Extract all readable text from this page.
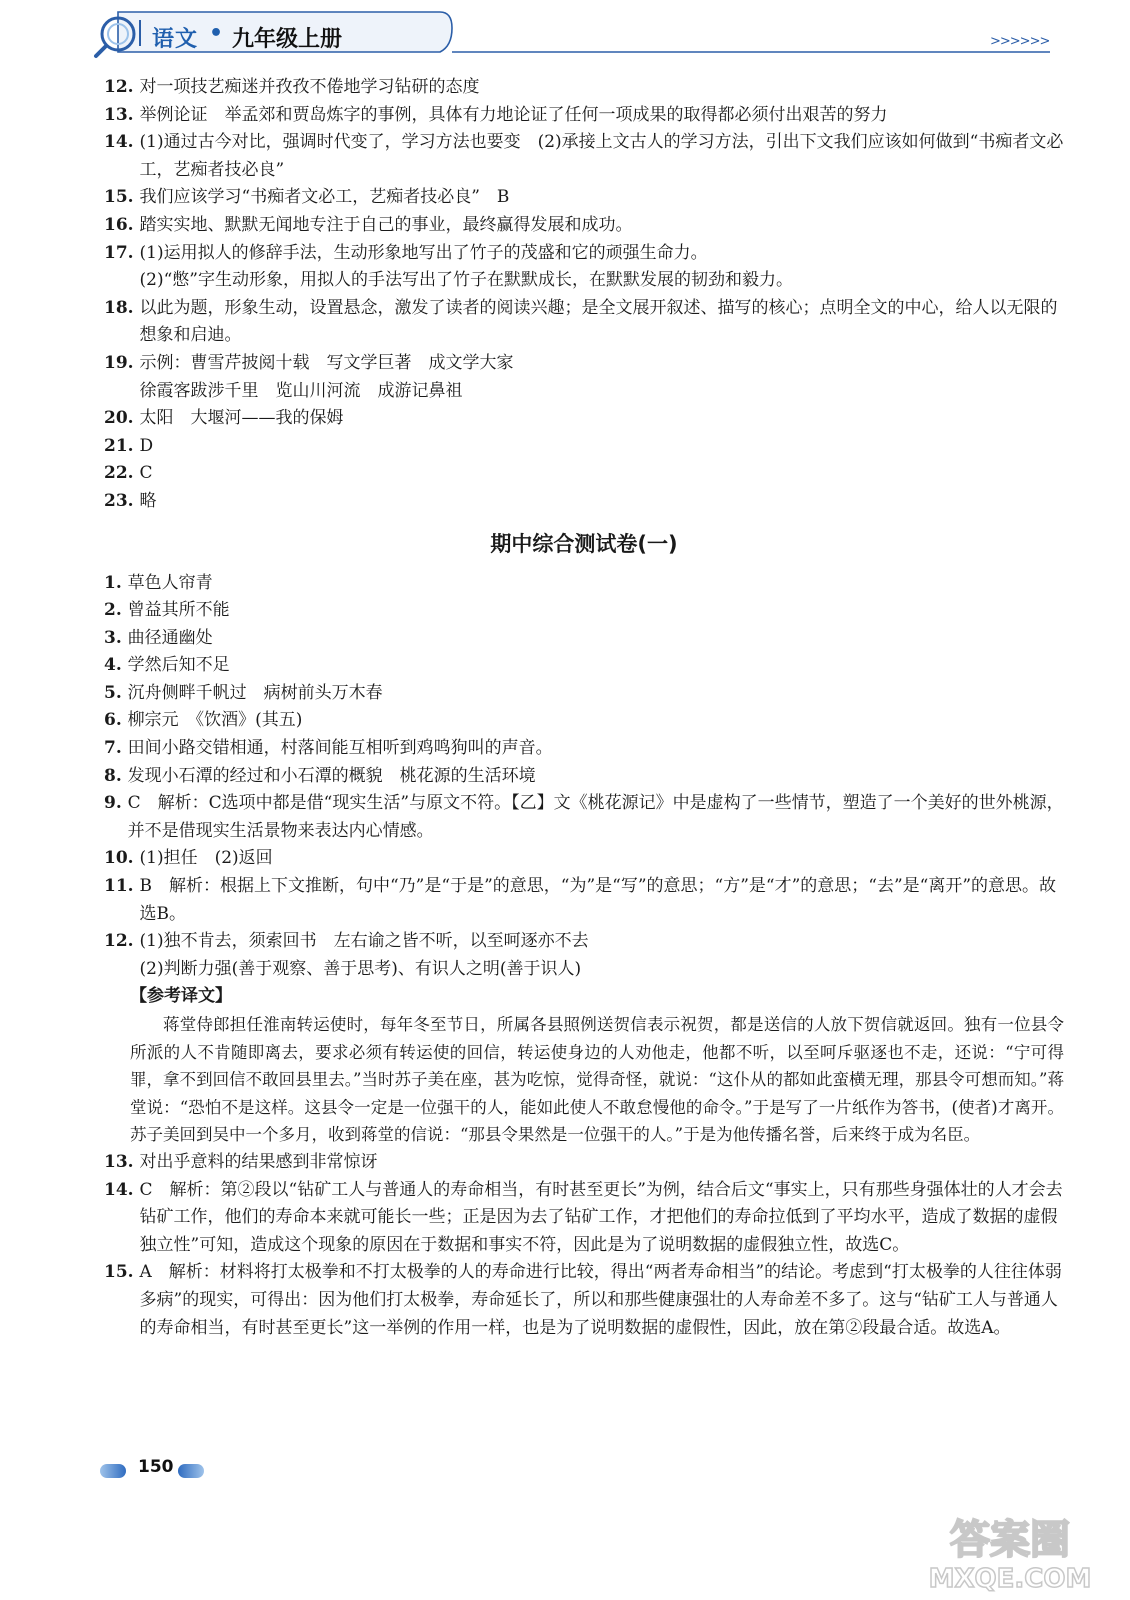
语文 • 九年级上册	>>>>>>
12. 对一项技艺痴迷并孜孜不倦地学习钻研的态度
13. 举例论证　举孟郊和贾岛炼字的事例，具体有力地论证了任何一项成果的取得都必须付出艰苦的努力
14. (1)通过古今对比，强调时代变了，学习方法也要变　(2)承接上文古人的学习方法，引出下文我们应该如何做到“书痴者文必工，艺痴者技必良”
15. 我们应该学习“书痴者文必工，艺痴者技必良”　B
16. 踏实实地、默默无闻地专注于自己的事业，最终赢得发展和成功。
17. (1)运用拟人的修辞手法，生动形象地写出了竹子的茂盛和它的顽强生命力。
(2)“憋”字生动形象，用拟人的手法写出了竹子在默默成长，在默默发展的韧劲和毅力。
18. 以此为题，形象生动，设置悬念，激发了读者的阅读兴趣；是全文展开叙述、描写的核心；点明全文的中心，给人以无限的想象和启迪。
19. 示例：曹雪芹披阅十载　写文学巨著　成文学大家
徐霞客跋涉千里　览山川河流　成游记鼻祖
20. 太阳　大堰河——我的保姆
21. D
22. C
23. 略
期中综合测试卷(一)
1. 草色人帘青
2. 曾益其所不能
3. 曲径通幽处
4. 学然后知不足
5. 沉舟侧畔千帆过　病树前头万木春
6. 柳宗元　《饮酒》(其五)
7. 田间小路交错相通，村落间能互相听到鸡鸣狗叫的声音。
8. 发现小石潭的经过和小石潭的概貌　桃花源的生活环境
9. C　解析：C选项中都是借“现实生活”与原文不符。【乙】文《桃花源记》中是虚构了一些情节，塑造了一个美好的世外桃源，并不是借现实生活景物来表达内心情感。
10. (1)担任　(2)返回
11. B　解析：根据上下文推断，句中“乃”是“于是”的意思，“为”是“写”的意思；“方”是“才”的意思；“去”是“离开”的意思。故选B。
12. (1)独不肯去，须索回书　左右谕之皆不听，以至呵逐亦不去
(2)判断力强(善于观察、善于思考)、有识人之明(善于识人)
【参考译文】
蒋堂侍郎担任淮南转运使时，每年冬至节日，所属各县照例送贺信表示祝贺，都是送信的人放下贺信就返回。独有一位县令所派的人不肯随即离去，要求必须有转运使的回信，转运使身边的人劝他走，他都不听，以至呵斥驱逐也不走，还说：“宁可得罪，拿不到回信不敢回县里去。”当时苏子美在座，甚为吃惊，觉得奇怪，就说：“这仆从的都如此蛮横无理，那县令可想而知。”蒋堂说：“恐怕不是这样。这县令一定是一位强干的人，能如此使人不敢怠慢他的命令。”于是写了一片纸作为答书，(使者)才离开。苏子美回到吴中一个多月，收到蒋堂的信说：“那县令果然是一位强干的人。”于是为他传播名誉，后来终于成为名臣。
13. 对出乎意料的结果感到非常惊讶
14. C　解析：第②段以“钻矿工人与普通人的寿命相当，有时甚至更长”为例，结合后文“事实上，只有那些身强体壮的人才会去钻矿工作，他们的寿命本来就可能长一些；正是因为去了钻矿工作，才把他们的寿命拉低到了平均水平，造成了数据的虚假独立性”可知，造成这个现象的原因在于数据和事实不符，因此是为了说明数据的虚假独立性，故选C。
15. A　解析：材料将打太极拳和不打太极拳的人的寿命进行比较，得出“两者寿命相当”的结论。考虑到“打太极拳的人往往体弱多病”的现实，可得出：因为他们打太极拳，寿命延长了，所以和那些健康强壮的人寿命差不多了。这与“钻矿工人与普通人的寿命相当，有时甚至更长”这一举例的作用一样，也是为了说明数据的虚假性，因此，放在第②段最合适。故选A。
150
答案圈
MXQE.COM
